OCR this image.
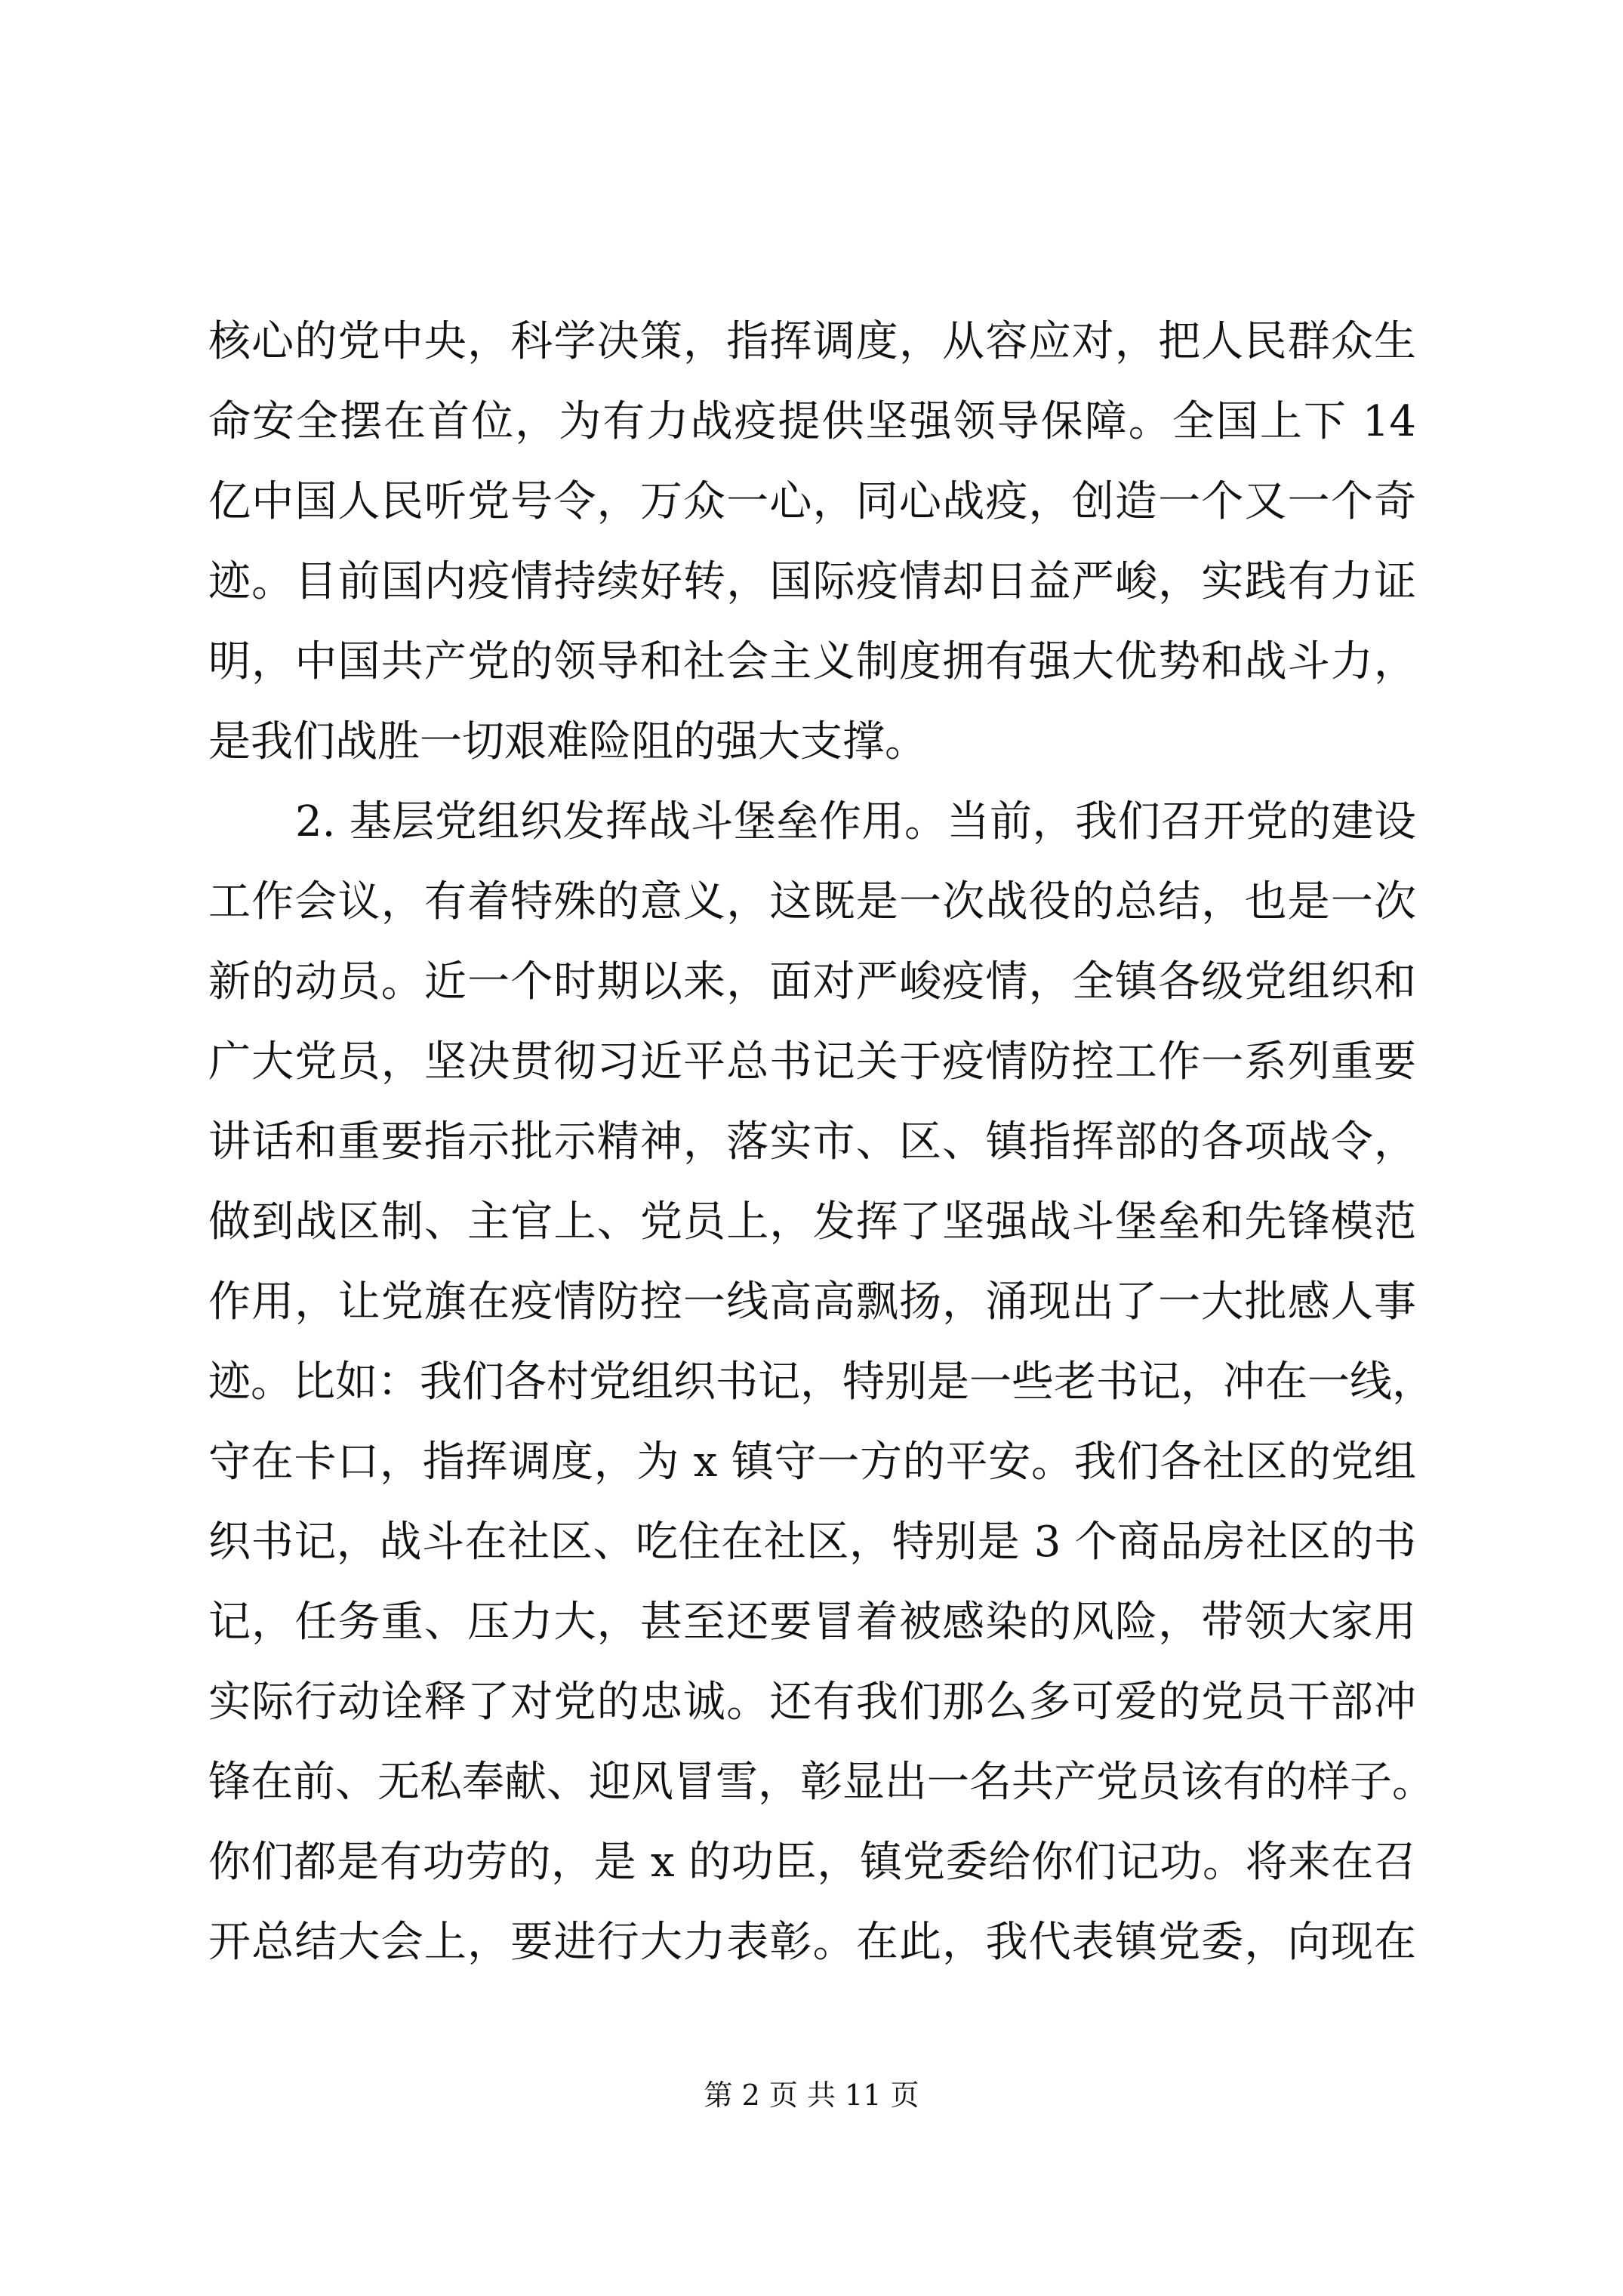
核心的党中央，科学决策，指挥调度，从容应对，把人民群众生
命安全摆在首位，为有力战疫提供坚强领导保障。全国上下 14
亿中国人民听党号令，万众一心，同心战疫，创造一个又一个奇
迹。目前国内疫情持续好转，国际疫情却日益严峻，实践有力证
明，中国共产党的领导和社会主义制度拥有强大优势和战斗力，
是我们战胜一切艰难险阻的强大支撑。
2. 基层党组织发挥战斗堡垒作用。当前，我们召开党的建设
工作会议，有着特殊的意义，这既是一次战役的总结，也是一次
新的动员。近一个时期以来，面对严峻疫情，全镇各级党组织和
广大党员，坚决贯彻习近平总书记关于疫情防控工作一系列重要
讲话和重要指示批示精神，落实市、区、镇指挥部的各项战令，
做到战区制、主官上、党员上，发挥了坚强战斗堡垒和先锋模范
作用，让党旗在疫情防控一线高高飘扬，涌现出了一大批感人事
迹。比如：我们各村党组织书记，特别是一些老书记，冲在一线，
守在卡口，指挥调度，为 x 镇守一方的平安。我们各社区的党组
织书记，战斗在社区、吃住在社区，特别是 3 个商品房社区的书
记，任务重、压力大，甚至还要冒着被感染的风险，带领大家用
实际行动诠释了对党的忠诚。还有我们那么多可爱的党员干部冲
锋在前、无私奉献、迎风冒雪，彰显出一名共产党员该有的样子。
你们都是有功劳的，是 x 的功臣，镇党委给你们记功。将来在召
开总结大会上，要进行大力表彰。在此，我代表镇党委，向现在
第 2 页 共 11 页
